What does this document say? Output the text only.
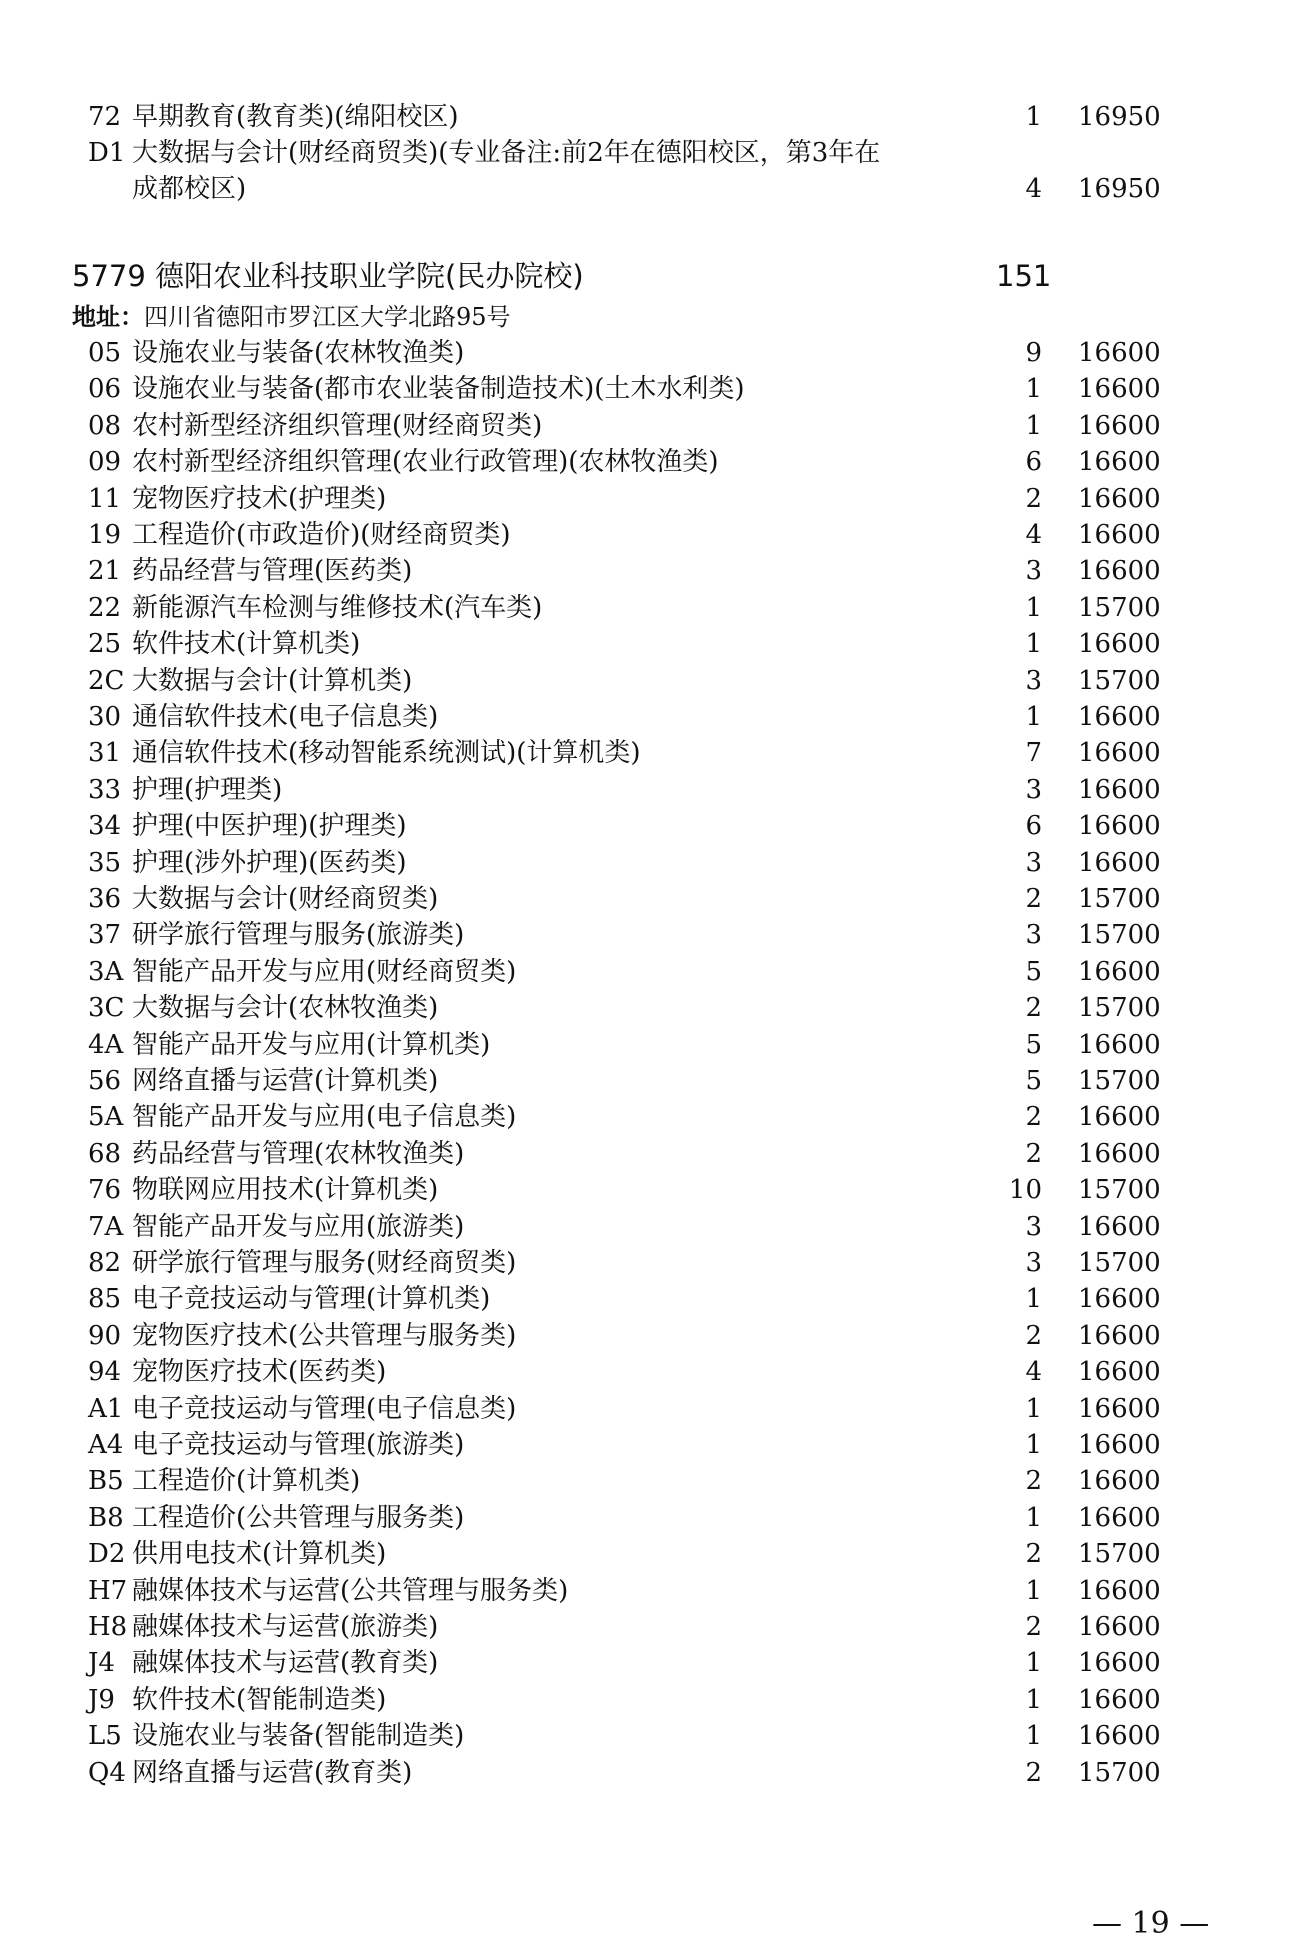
72 早期教育(教育类)(绵阳校区)	1 16950
D1 大数据与会计(财经商贸类)(专业备注:前2年在德阳校区，第3年在
成都校区)	4 16950
5779 德阳农业科技职业学院(民办院校)	151
地址：四川省德阳市罗江区大学北路95号
05 设施农业与装备(农林牧渔类)	9 16600
06 设施农业与装备(都市农业装备制造技术)(土木水利类)	1 16600
08 农村新型经济组织管理(财经商贸类)	1 16600
09 农村新型经济组织管理(农业行政管理)(农林牧渔类)	6 16600
11 宠物医疗技术(护理类)	2 16600
19 工程造价(市政造价)(财经商贸类)	4 16600
21 药品经营与管理(医药类)	3 16600
22 新能源汽车检测与维修技术(汽车类)	1 15700
25 软件技术(计算机类)	1 16600
2C 大数据与会计(计算机类)	3 15700
30 通信软件技术(电子信息类)	1 16600
31 通信软件技术(移动智能系统测试)(计算机类)	7 16600
33 护理(护理类)	3 16600
34 护理(中医护理)(护理类)	6 16600
35 护理(涉外护理)(医药类)	3 16600
36 大数据与会计(财经商贸类)	2 15700
37 研学旅行管理与服务(旅游类)	3 15700
3A 智能产品开发与应用(财经商贸类)	5 16600
3C 大数据与会计(农林牧渔类)	2 15700
4A 智能产品开发与应用(计算机类)	5 16600
56 网络直播与运营(计算机类)	5 15700
5A 智能产品开发与应用(电子信息类)	2 16600
68 药品经营与管理(农林牧渔类)	2 16600
76 物联网应用技术(计算机类)	10 15700
7A 智能产品开发与应用(旅游类)	3 16600
82 研学旅行管理与服务(财经商贸类)	3 15700
85 电子竞技运动与管理(计算机类)	1 16600
90 宠物医疗技术(公共管理与服务类)	2 16600
94 宠物医疗技术(医药类)	4 16600
A1 电子竞技运动与管理(电子信息类)	1 16600
A4 电子竞技运动与管理(旅游类)	1 16600
B5 工程造价(计算机类)	2 16600
B8 工程造价(公共管理与服务类)	1 16600
D2 供用电技术(计算机类)	2 15700
H7 融媒体技术与运营(公共管理与服务类)	1 16600
H8 融媒体技术与运营(旅游类)	2 16600
J4 融媒体技术与运营(教育类)	1 16600
J9 软件技术(智能制造类)	1 16600
L5 设施农业与装备(智能制造类)	1 16600
Q4 网络直播与运营(教育类)	2 15700
— 19 —
